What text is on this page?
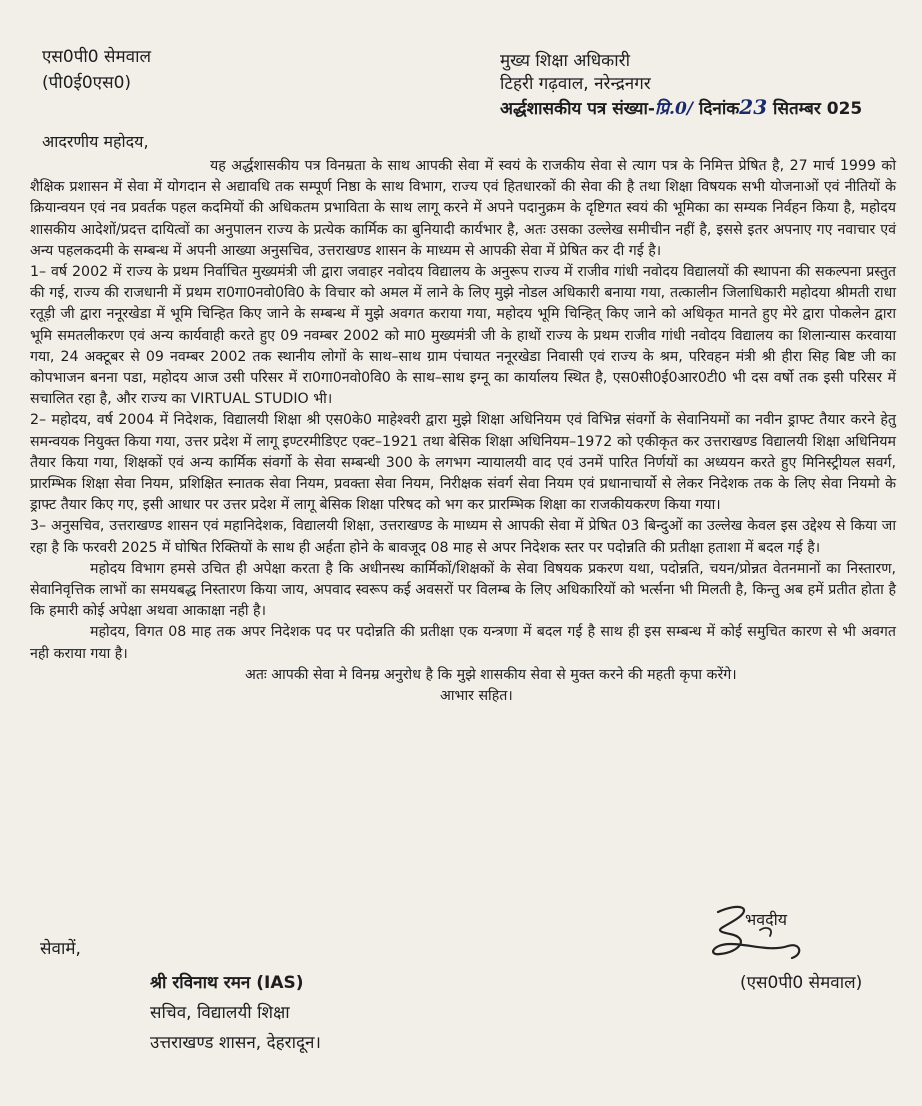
एस0पी0 सेमवाल
(पी0ई0एस0)
मुख्य शिक्षा अधिकारी
टिहरी गढ़वाल, नरेन्द्रनगर
अर्द्धशासकीय पत्र संख्या-प्रि.0/ दिनांक23 सितम्बर 025
आदरणीय महोदय,

यह अर्द्धशासकीय पत्र विनम्रता के साथ आपकी सेवा में स्वयं के राजकीय सेवा से त्याग पत्र के निमित्त प्रेषित है, 27 मार्च 1999 को शैक्षिक प्रशासन में सेवा में योगदान से अद्यावधि तक सम्पूर्ण निष्ठा के साथ विभाग, राज्य एवं हितधारकों की सेवा की है तथा शिक्षा विषयक सभी योजनाओं एवं नीतियों के क्रियान्वयन एवं नव प्रवर्तक पहल कदमियों की अधिकतम प्रभाविता के साथ लागू करने में अपने पदानुक्रम के दृष्टिगत स्वयं की भूमिका का सम्यक निर्वहन किया है, महोदय शासकीय आदेशों/प्रदत्त दायित्वों का अनुपालन राज्य के प्रत्येक कार्मिक का बुनियादी कार्यभार है, अतः उसका उल्लेख समीचीन नहीं है, इससे इतर अपनाए गए नवाचार एवं अन्य पहलकदमी के सम्बन्ध में अपनी आख्या अनुसचिव, उत्तराखण्ड शासन के माध्यम से आपकी सेवा में प्रेषित कर दी गई है।

1– वर्ष 2002 में राज्य के प्रथम निर्वाचित मुख्यमंत्री जी द्वारा जवाहर नवोदय विद्यालय के अनुरूप राज्य में राजीव गांधी नवोदय विद्यालयों की स्थापना की सकल्पना प्रस्तुत की गई, राज्य की राजधानी में प्रथम रा0गा0नवो0वि0 के विचार को अमल में लाने के लिए मुझे नोडल अधिकारी बनाया गया, तत्कालीन जिलाधिकारी महोदया श्रीमती राधा रतूड़ी जी द्वारा ननूरखेडा में भूमि चिन्हित किए जाने के सम्बन्ध में मुझे अवगत कराया गया, महोदय भूमि चिन्हित् किए जाने को अधिकृत मानते हुए मेरे द्वारा पोकलेन द्वारा भूमि समतलीकरण एवं अन्य कार्यवाही करते हुए 09 नवम्बर 2002 को मा0 मुख्यमंत्री जी के हाथों राज्य के प्रथम राजीव गांधी नवोदय विद्यालय का शिलान्यास करवाया गया, 24 अक्टूबर से 09 नवम्बर 2002 तक स्थानीय लोगों के साथ–साथ ग्राम पंचायत ननूरखेडा निवासी एवं राज्य के श्रम, परिवहन मंत्री श्री हीरा सिह बिष्ट जी का कोपभाजन बनना पडा, महोदय आज उसी परिसर में रा0गा0नवो0वि0 के साथ–साथ इग्नू का कार्यालय स्थित है, एस0सी0ई0आर0टी0 भी दस वर्षो तक इसी परिसर में सचालित रहा है, और राज्य का VIRTUAL STUDIO भी।

2– महोदय, वर्ष 2004 में निदेशक, विद्यालयी शिक्षा श्री एस0के0 माहेश्वरी द्वारा मुझे शिक्षा अधिनियम एवं विभिन्न संवर्गो के सेवानियमों का नवीन ड्राफ्ट तैयार करने हेतु समन्वयक नियुक्त किया गया, उत्तर प्रदेश में लागू इण्टरमीडिएट एक्ट–1921 तथा बेसिक शिक्षा अधिनियम–1972 को एकीकृत कर उत्तराखण्ड विद्यालयी शिक्षा अधिनियम तैयार किया गया, शिक्षकों एवं अन्य कार्मिक संवर्गो के सेवा सम्बन्धी 300 के लगभग न्यायालयी वाद एवं उनमें पारित निर्णयों का अध्ययन करते हुए मिनिस्ट्रीयल सवर्ग, प्रारम्भिक शिक्षा सेवा नियम, प्रशिक्षित स्नातक सेवा नियम, प्रवक्ता सेवा नियम, निरीक्षक संवर्ग सेवा नियम एवं प्रधानाचार्यो से लेकर निदेशक तक के लिए सेवा नियमो के ड्राफ्ट तैयार किए गए, इसी आधार पर उत्तर प्रदेश में लागू बेसिक शिक्षा परिषद को भग कर प्रारम्भिक शिक्षा का राजकीयकरण किया गया।

3– अनुसचिव, उत्तराखण्ड शासन एवं महानिदेशक, विद्यालयी शिक्षा, उत्तराखण्ड के माध्यम से आपकी सेवा में प्रेषित 03 बिन्दुओं का उल्लेख केवल इस उद्देश्य से किया जा रहा है कि फरवरी 2025 में घोषित रिक्तियों के साथ ही अर्हता होने के बावजूद 08 माह से अपर निदेशक स्तर पर पदोन्नति की प्रतीक्षा हताशा में बदल गई है।

महोदय विभाग हमसे उचित ही अपेक्षा करता है कि अधीनस्थ कार्मिकों/शिक्षकों के सेवा विषयक प्रकरण यथा, पदोन्नति, चयन/प्रोन्नत वेतनमानों का निस्तारण, सेवानिवृत्तिक लाभों का समयबद्ध निस्तारण किया जाय, अपवाद स्वरूप कई अवसरों पर विलम्ब के लिए अधिकारियों को भर्त्सना भी मिलती है, किन्तु अब हमें प्रतीत होता है कि हमारी कोई अपेक्षा अथवा आकाक्षा नही है।

महोदय, विगत 08 माह तक अपर निदेशक पद पर पदोन्नति की प्रतीक्षा एक यन्त्रणा में बदल गई है साथ ही इस सम्बन्ध में कोई समुचित कारण से भी अवगत नही कराया गया है।

अतः आपकी सेवा मे विनम्र अनुरोध है कि मुझे शासकीय सेवा से मुक्त करने की महती कृपा करेंगे।

आभार सहित।

भवदीय
(एस0पी0 सेमवाल)
सेवामें,
श्री रविनाथ रमन (IAS)
सचिव, विद्यालयी शिक्षा
उत्तराखण्ड शासन, देहरादून।
